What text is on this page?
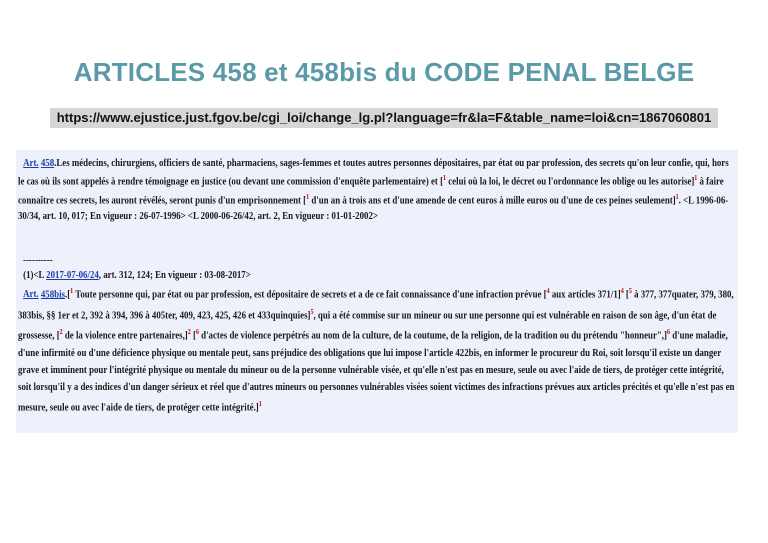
ARTICLES 458 et 458bis du CODE PENAL BELGE
https://www.ejustice.just.fgov.be/cgi_loi/change_lg.pl?language=fr&la=F&table_name=loi&cn=1867060801
Art. 458.Les médecins, chirurgiens, officiers de santé, pharmaciens, sages-femmes et toutes autres personnes dépositaires, par état ou par profession, des secrets qu'on leur confie, qui, hors le cas où ils sont appelés à rendre témoignage en justice (ou devant une commission d'enquête parlementaire) et [$^1$ celui où la loi, le décret ou l'ordonnance les oblige ou les autorise]$^1$ à faire connaître ces secrets, les auront révélés, seront punis d'un emprisonnement [$^1$ d'un an à trois ans et d'une amende de cent euros à mille euros ou d'une de ces peines seulement]$^1$. <L 1996-06-30/34, art. 10, 017; En vigueur : 26-07-1996> <L 2000-06-26/42, art. 2, En vigueur : 01-01-2002>
----------
(1)<L 2017-07-06/24, art. 312, 124; En vigueur : 03-08-2017>
Art. 458bis.[$^1$ Toute personne qui, par état ou par profession, est dépositaire de secrets et a de ce fait connaissance d'une infraction prévue [$^4$ aux articles 371/1]$^4$ [$^5$ à 377, 377quater, 379, 380, 383bis, §§ 1er et 2, 392 à 394, 396 à 405ter, 409, 423, 425, 426 et 433quinquies]$^5$, qui a été commise sur un mineur ou sur une personne qui est vulnérable en raison de son âge, d'un état de grossesse, [$^2$ de la violence entre partenaires,]$^2$ [$^6$ d'actes de violence perpétrés au nom de la culture, de la coutume, de la religion, de la tradition ou du prétendu "honneur",]$^6$ d'une maladie, d'une infirmité ou d'une déficience physique ou mentale peut, sans préjudice des obligations que lui impose l'article 422bis, en informer le procureur du Roi, soit lorsqu'il existe un danger grave et imminent pour l'intégrité physique ou mentale du mineur ou de la personne vulnérable visée, et qu'elle n'est pas en mesure, seule ou avec l'aide de tiers, de protéger cette intégrité, soit lorsqu'il y a des indices d'un danger sérieux et réel que d'autres mineurs ou personnes vulnérables visées soient victimes des infractions prévues aux articles précités et qu'elle n'est pas en mesure, seule ou avec l'aide de tiers, de protéger cette intégrité.]$^1$
